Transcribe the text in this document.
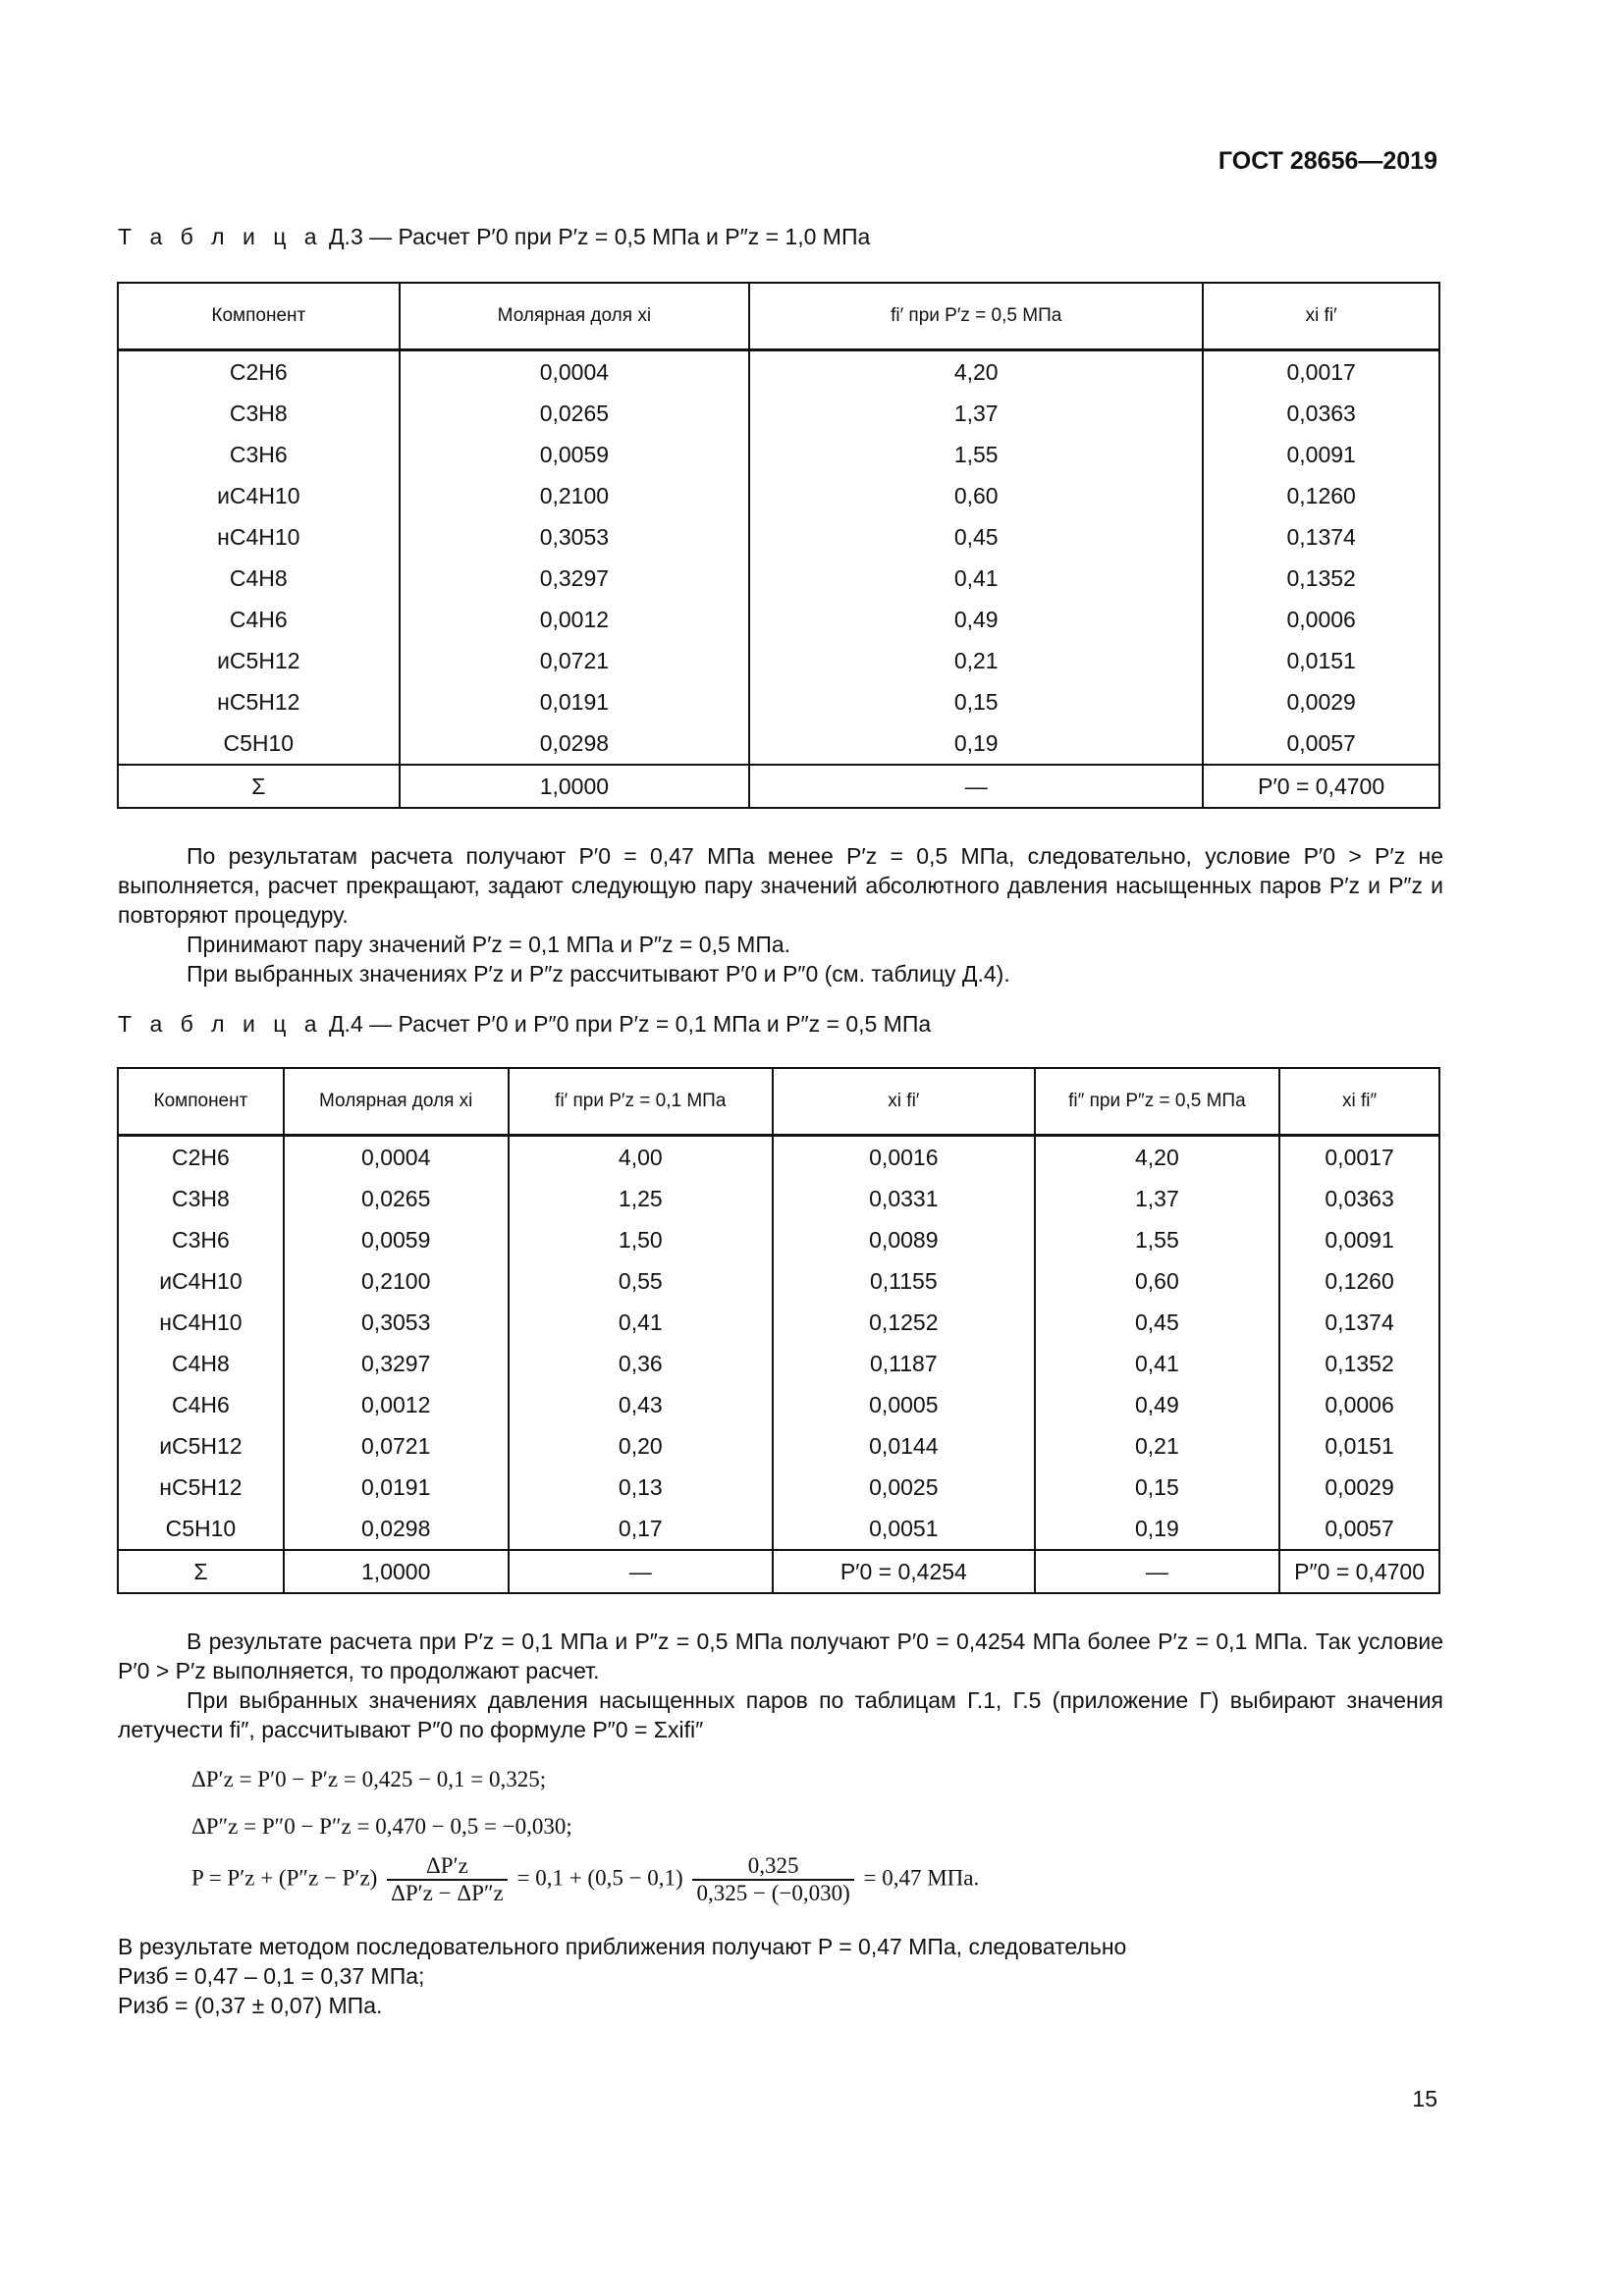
ГОСТ 28656—2019
Т а б л и ц а Д.3 — Расчет P′0 при P′z = 0,5 МПа и P″z = 1,0 МПа
Компонент	Молярная доля xi	fi′ при P′z = 0,5 МПа	xi fi′
C2H6	0,0004	4,20	0,0017
C3H8	0,0265	1,37	0,0363
C3H6	0,0059	1,55	0,0091
иC4H10	0,2100	0,60	0,1260
нC4H10	0,3053	0,45	0,1374
C4H8	0,3297	0,41	0,1352
C4H6	0,0012	0,49	0,0006
иC5H12	0,0721	0,21	0,0151
нC5H12	0,0191	0,15	0,0029
C5H10	0,0298	0,19	0,0057
Σ	1,0000	—	P′0 = 0,4700

По результатам расчета получают P′0 = 0,47 МПа менее P′z = 0,5 МПа, следовательно, условие P′0 > P′z не выполняется, расчет прекращают, задают следующую пару значений абсолютного давления насыщенных паров P′z и P″z и повторяют процедуру.

Принимают пару значений P′z = 0,1 МПа и P″z = 0,5 МПа.

При выбранных значениях P′z и P″z рассчитывают P′0 и P″0 (см. таблицу Д.4).

Т а б л и ц а Д.4 — Расчет P′0 и P″0 при P′z = 0,1 МПа и P″z = 0,5 МПа
Компонент	Молярная доля xi	fi′ при P′z = 0,1 МПа	xi fi′	fi″ при P″z = 0,5 МПа	xi fi″
C2H6	0,0004	4,00	0,0016	4,20	0,0017
C3H8	0,0265	1,25	0,0331	1,37	0,0363
C3H6	0,0059	1,50	0,0089	1,55	0,0091
иC4H10	0,2100	0,55	0,1155	0,60	0,1260
нC4H10	0,3053	0,41	0,1252	0,45	0,1374
C4H8	0,3297	0,36	0,1187	0,41	0,1352
C4H6	0,0012	0,43	0,0005	0,49	0,0006
иC5H12	0,0721	0,20	0,0144	0,21	0,0151
нC5H12	0,0191	0,13	0,0025	0,15	0,0029
C5H10	0,0298	0,17	0,0051	0,19	0,0057
Σ	1,0000	—	P′0 = 0,4254	—	P″0 = 0,4700

В результате расчета при P′z = 0,1 МПа и P″z = 0,5 МПа получают P′0 = 0,4254 МПа более P′z = 0,1 МПа. Так условие P′0 > P′z выполняется, то продолжают расчет.

При выбранных значениях давления насыщенных паров по таблицам Г.1, Г.5 (приложение Г) выбирают значения летучести fi″, рассчитывают P″0 по формуле P″0 = Σxifi″

ΔP′z = P′0 − P′z = 0,425 − 0,1 = 0,325;
ΔP″z = P″0 − P″z = 0,470 − 0,5 = −0,030;
$P = P'z + (P''z - P'z) \frac{\Delta P'z}{\Delta P'z - \Delta P''z} = 0,1 + (0,5 - 0,1) \frac{0,325}{0,325 - (-0,030)} = 0,47$ МПа.

В результате методом последовательного приближения получают P = 0,47 МПа, следовательно

Pизб = 0,47 – 0,1 = 0,37 МПа;

Pизб = (0,37 ± 0,07) МПа.

15
